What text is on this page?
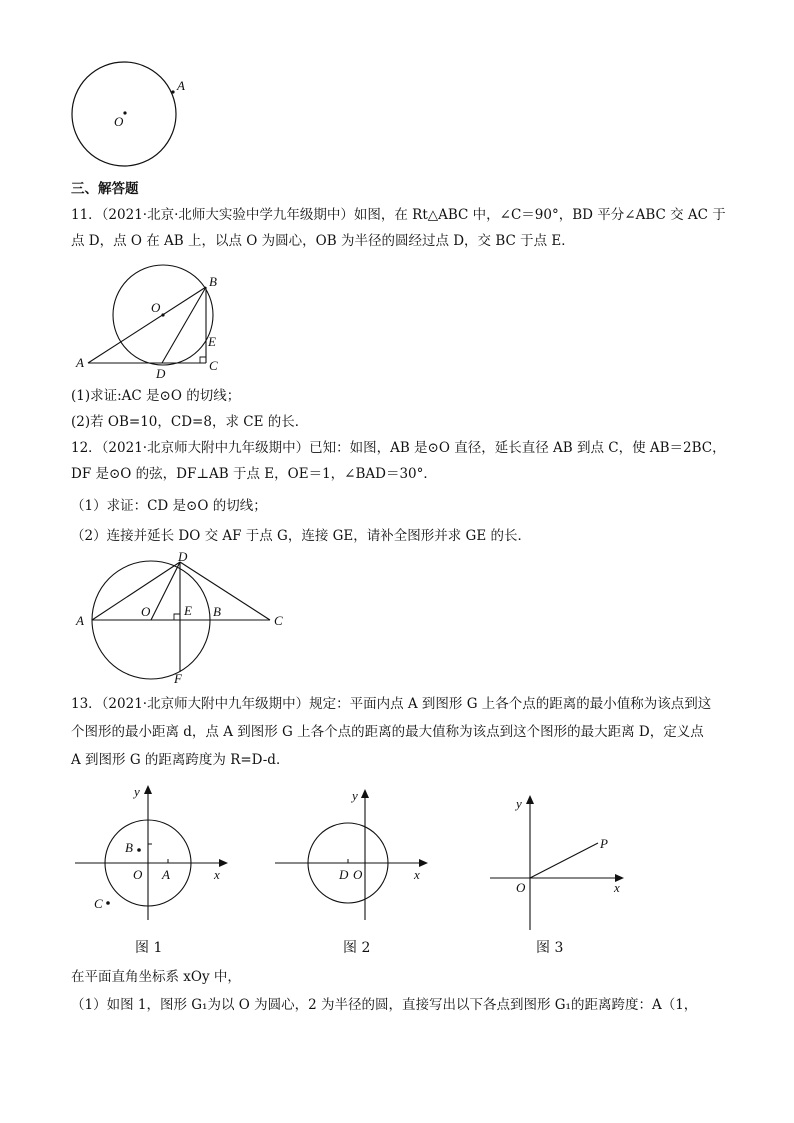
A
O
三、解答题
11．（2021·北京·北师大实验中学九年级期中）如图，在 Rt△ABC 中，∠C＝90°，BD 平分∠ABC 交 AC 于
点 D，点 O 在 AB 上，以点 O 为圆心，OB 为半径的圆经过点 D，交 BC 于点 E．
B
O
E
A
D
C
(1)求证:AC 是⊙O 的切线；
(2)若 OB=10，CD=8，求 CE 的长．
12．（2021·北京师大附中九年级期中）已知：如图，AB 是⊙O 直径，延长直径 AB 到点 C，使 AB＝2BC，
DF 是⊙O 的弦，DF⊥AB 于点 E，OE＝1，∠BAD＝30°．
（1）求证：CD 是⊙O 的切线；
（2）连接并延长 DO 交 AF 于点 G，连接 GE，请补全图形并求 GE 的长．
D
A
O	E B
C
F
13．（2021·北京师大附中九年级期中）规定：平面内点 A 到图形 G 上各个点的距离的最小值称为该点到这
个图形的最小距离 d，点 A 到图形 G 上各个点的距离的最大值称为该点到这个图形的最大距离 D，定义点
A 到图形 G 的距离跨度为 R=D-d．
y
B
O A	x
C
图 1
y
D O	x
图 2
y
P
O	x
图 3
在平面直角坐标系 xOy 中，
（1）如图 1，图形 G₁为以 O 为圆心，2 为半径的圆，直接写出以下各点到图形 G₁的距离跨度：A（1，
